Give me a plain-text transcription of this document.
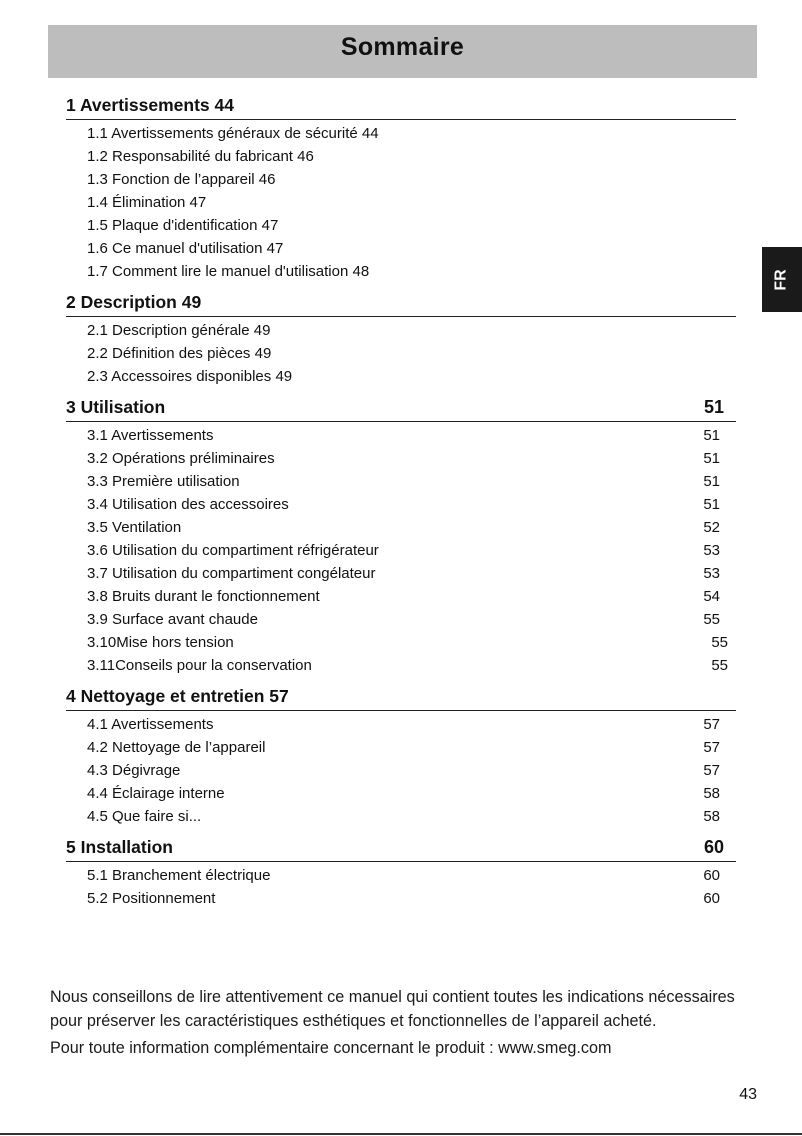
Sommaire
FR
1 Avertissements 44
1.1 Avertissements généraux de sécurité 44
1.2 Responsabilité du fabricant 46
1.3 Fonction de l’appareil 46
1.4 Élimination 47
1.5 Plaque d'identification 47
1.6 Ce manuel d'utilisation 47
1.7 Comment lire le manuel d'utilisation 48
2 Description 49
2.1 Description générale 49
2.2 Définition des pièces 49
2.3 Accessoires disponibles 49
3 Utilisation	51
3.1 Avertissements	51
3.2 Opérations préliminaires	51
3.3 Première utilisation	51
3.4 Utilisation des accessoires	51
3.5 Ventilation	52
3.6 Utilisation du compartiment réfrigérateur	53
3.7 Utilisation du compartiment congélateur	53
3.8 Bruits durant le fonctionnement	54
3.9 Surface avant chaude	55
3.10Mise hors tension	55
3.11Conseils pour la conservation	55
4 Nettoyage et entretien 57
4.1 Avertissements	57
4.2 Nettoyage de l’appareil	57
4.3 Dégivrage	57
4.4 Éclairage interne	58
4.5 Que faire si...	58
5 Installation	60
5.1 Branchement électrique	60
5.2 Positionnement	60

Nous conseillons de lire attentivement ce manuel qui contient toutes les indications nécessaires pour préserver les caractéristiques esthétiques et fonctionnelles de l’appareil acheté.

Pour toute information complémentaire concernant le produit : www.smeg.com

43
